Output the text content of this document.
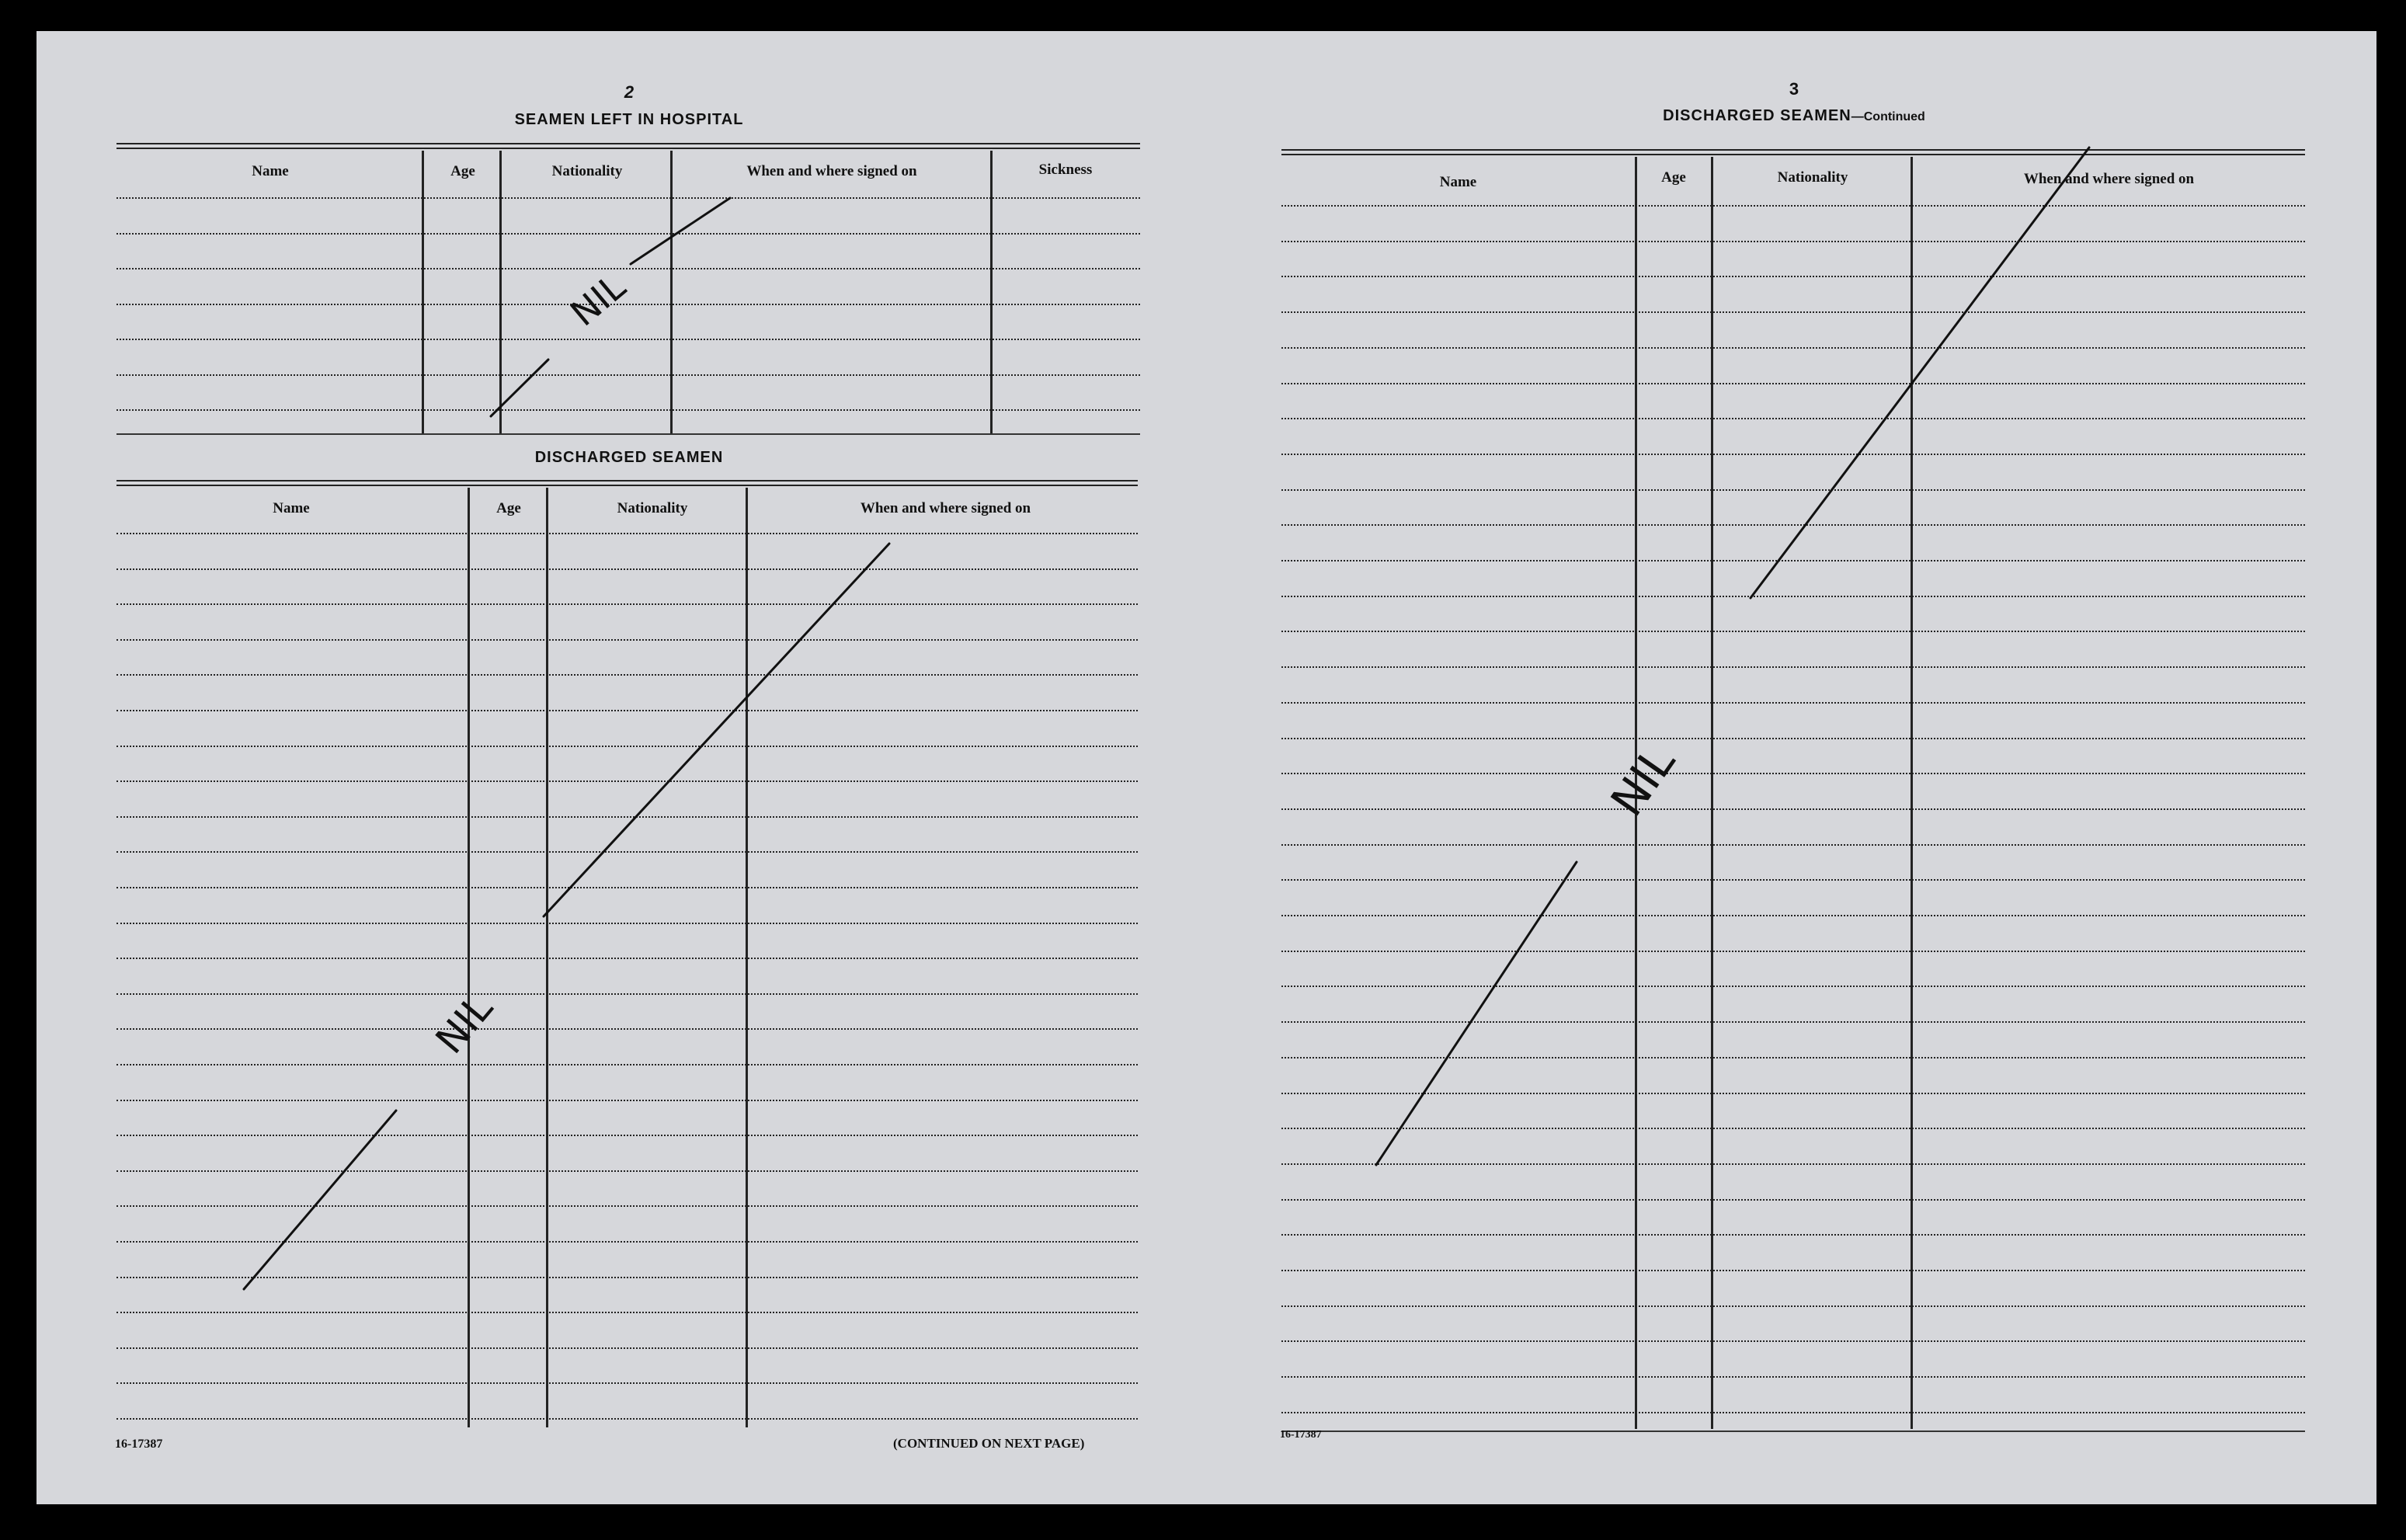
2
SEAMEN LEFT IN HOSPITAL
Name	Age	Nationality	When and where signed on	Sickness
DISCHARGED SEAMEN
Name	Age	Nationality	When and where signed on
16-17387	(CONTINUED ON NEXT PAGE)
3
DISCHARGED SEAMEN—Continued
Name	Age	Nationality	When and where signed on
16-17387
NIL
NIL
NIL
